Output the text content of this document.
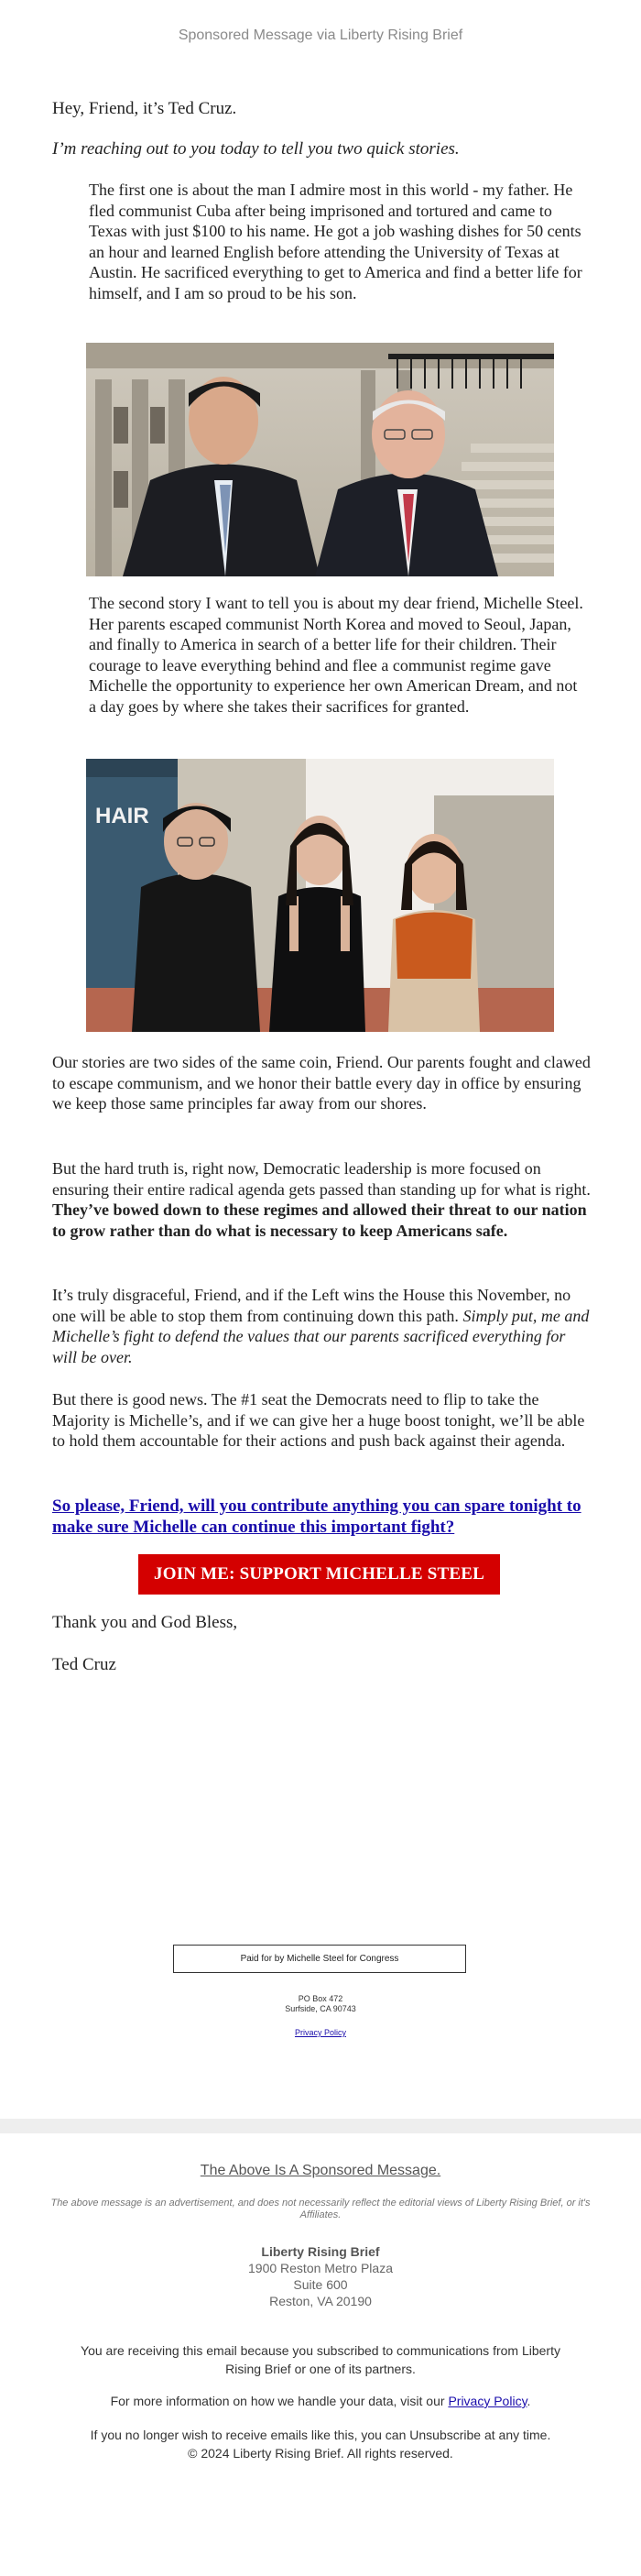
Sponsored Message via Liberty Rising Brief
Hey, Friend, it’s Ted Cruz.
I’m reaching out to you today to tell you two quick stories.

The first one is about the man I admire most in this world - my father. He fled communist Cuba after being imprisoned and tortured and came to Texas with just $100 to his name. He got a job washing dishes for 50 cents an hour and learned English before attending the University of Texas at Austin. He sacrificed everything to get to America and find a better life for himself, and I am so proud to be his son.

The second story I want to tell you is about my dear friend, Michelle Steel. Her parents escaped communist North Korea and moved to Seoul, Japan, and finally to America in search of a better life for their children. Their courage to leave everything behind and flee a communist regime gave Michelle the opportunity to experience her own American Dream, and not a day goes by where she takes their sacrifices for granted.

HAIR

Our stories are two sides of the same coin, Friend. Our parents fought and clawed to escape communism, and we honor their battle every day in office by ensuring we keep those same principles far away from our shores.

But the hard truth is, right now, Democratic leadership is more focused on ensuring their entire radical agenda gets passed than standing up for what is right. They’ve bowed down to these regimes and allowed their threat to our nation to grow rather than do what is necessary to keep Americans safe.

It’s truly disgraceful, Friend, and if the Left wins the House this November, no one will be able to stop them from continuing down this path. Simply put, me and Michelle’s fight to defend the values that our parents sacrificed everything for will be over.

But there is good news. The #1 seat the Democrats need to flip to take the Majority is Michelle’s, and if we can give her a huge boost tonight, we’ll be able to hold them accountable for their actions and push back against their agenda.

So please, Friend, will you contribute anything you can spare tonight to make sure Michelle can continue this important fight?
JOIN ME: SUPPORT MICHELLE STEEL
Thank you and God Bless,
Ted Cruz
Paid for by Michelle Steel for Congress
PO Box 472
Surfside, CA 90743
Privacy Policy
The Above Is A Sponsored Message.
The above message is an advertisement, and does not necessarily reflect the editorial views of Liberty Rising Brief, or it's Affiliates.
Liberty Rising Brief
1900 Reston Metro Plaza
Suite 600
Reston, VA 20190
You are receiving this email because you subscribed to communications from Liberty Rising Brief or one of its partners.
For more information on how we handle your data, visit our Privacy Policy.
If you no longer wish to receive emails like this, you can Unsubscribe at any time.
© 2024 Liberty Rising Brief. All rights reserved.
